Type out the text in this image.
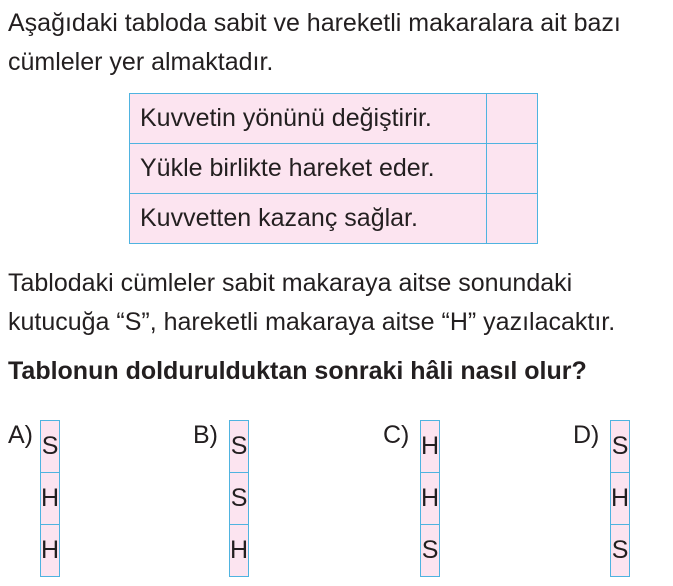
Aşağıdaki tabloda sabit ve hareketli makaralara ait bazı cümleler yer almaktadır.

Kuvvetin yönünü değiştirir.	
Yükle birlikte hareket eder.	
Kuvvetten kazanç sağlar.	

Tablodaki cümleler sabit makaraya aitse sonundaki kutucuğa “S”, hareketli makaraya aitse “H” yazılacaktır.

Tablonun doldurulduktan sonraki hâli nasıl olur?

A) S
H
H
B) S
S
H
C) H
H
S
D) S
H
S
